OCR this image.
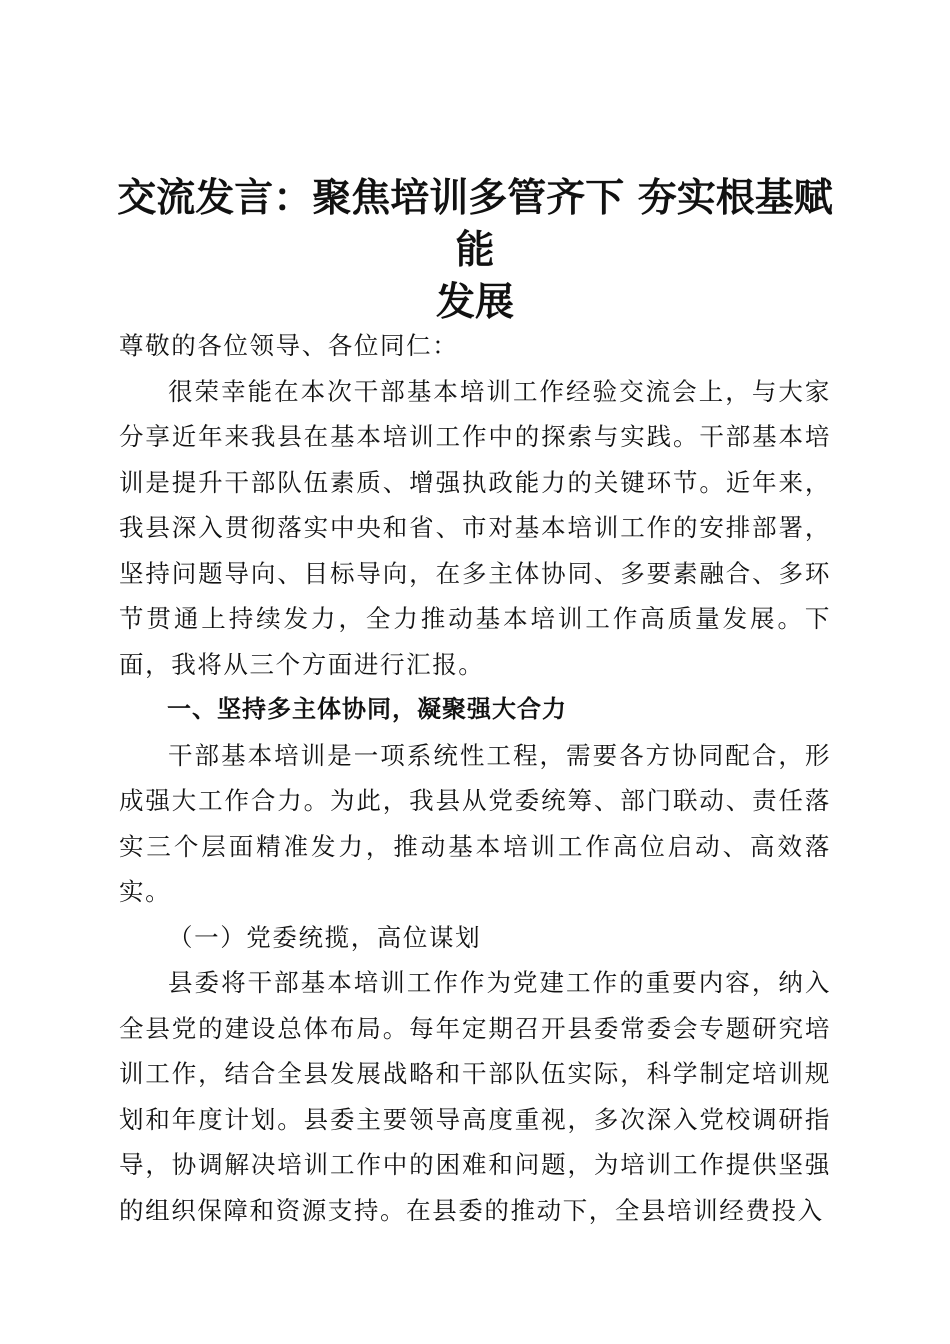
交流发言：聚焦培训多管齐下 夯实根基赋能
发展

尊敬的各位领导、各位同仁：

很荣幸能在本次干部基本培训工作经验交流会上，与大家分享近年来我县在基本培训工作中的探索与实践。干部基本培训是提升干部队伍素质、增强执政能力的关键环节。近年来，我县深入贯彻落实中央和省、市对基本培训工作的安排部署，坚持问题导向、目标导向，在多主体协同、多要素融合、多环节贯通上持续发力，全力推动基本培训工作高质量发展。下面，我将从三个方面进行汇报。

一、坚持多主体协同，凝聚强大合力

干部基本培训是一项系统性工程，需要各方协同配合，形成强大工作合力。为此，我县从党委统筹、部门联动、责任落实三个层面精准发力，推动基本培训工作高位启动、高效落实。

（一）党委统揽，高位谋划

县委将干部基本培训工作作为党建工作的重要内容，纳入全县党的建设总体布局。每年定期召开县委常委会专题研究培训工作，结合全县发展战略和干部队伍实际，科学制定培训规划和年度计划。县委主要领导高度重视，多次深入党校调研指导，协调解决培训工作中的困难和问题，为培训工作提供坚强的组织保障和资源支持。在县委的推动下，全县培训经费投入
